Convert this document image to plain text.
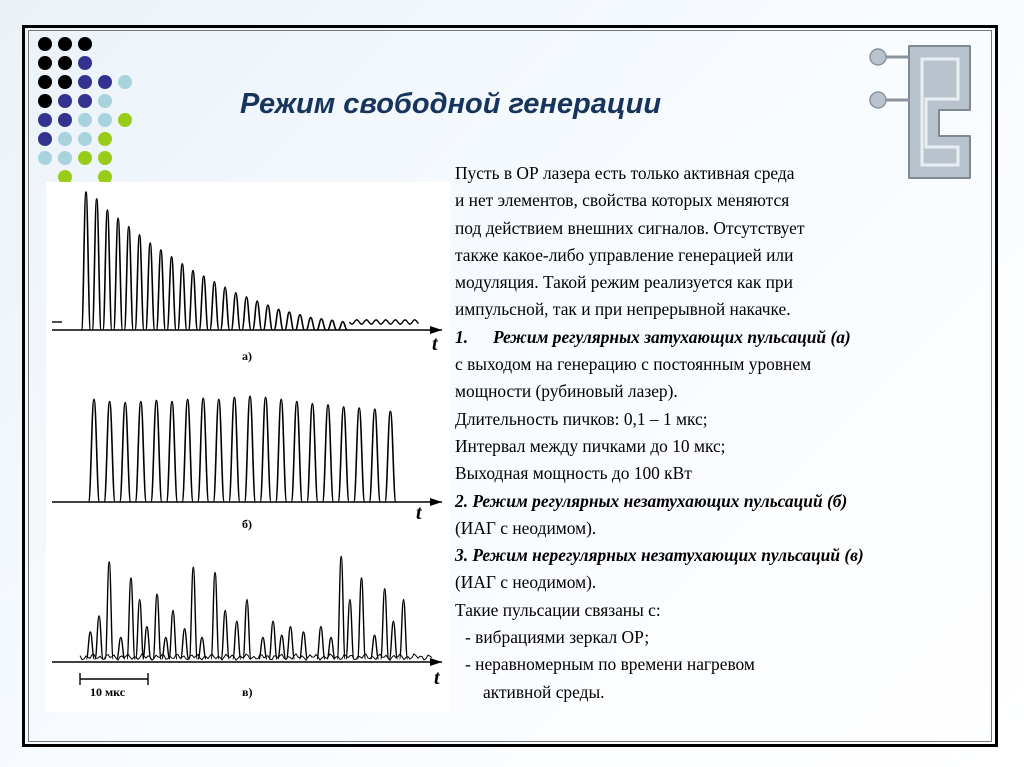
Режим свободной генерации
а)
t
б)	t
10 мкс	в)
t
Пусть в ОР лазера есть только активная среда
и нет элементов, свойства которых меняются
под действием внешних сигналов. Отсутствует
также какое-либо управление генерацией или
модуляция. Такой режим реализуется как при
импульсной, так и при непрерывной накачке.
1. Режим регулярных затухающих пульсаций (а)
с выходом на генерацию с постоянным уровнем
мощности (рубиновый лазер).
Длительность пичков: 0,1 – 1 мкс;
Интервал между пичками до 10 мкс;
Выходная мощность до 100 кВт
2. Режим регулярных незатухающих пульсаций (б)
(ИАГ с неодимом).
3. Режим нерегулярных незатухающих пульсаций (в)
(ИАГ с неодимом).
Такие пульсации связаны с:
- вибрациями зеркал ОР;
- неравномерным по времени нагревом
активной среды.
